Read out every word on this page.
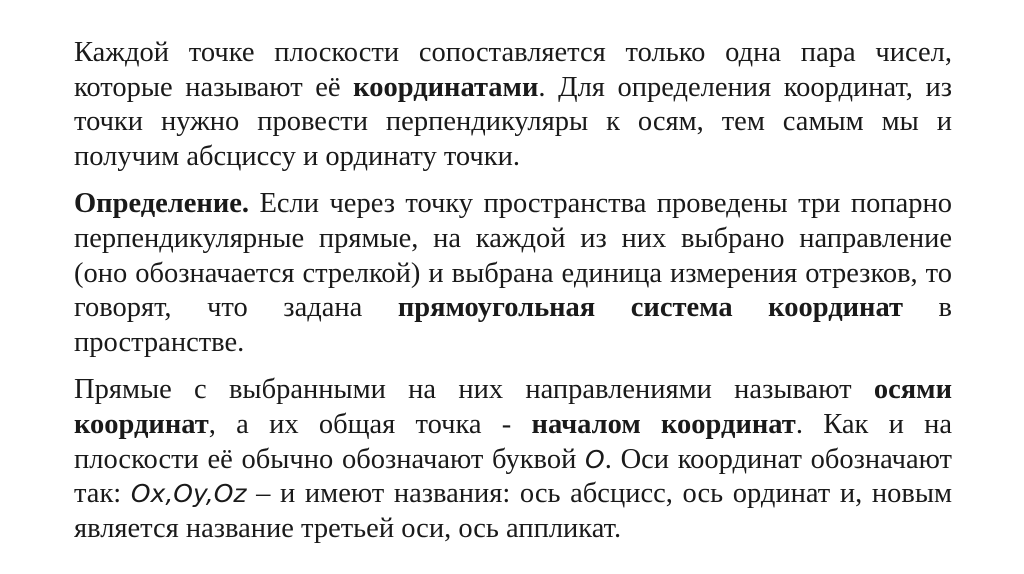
Каждой точке плоскости сопоставляется только одна пара чисел, которые называют её координатами. Для определения координат, из точки нужно провести перпендикуляры к осям, тем самым мы и получим абсциссу и ординату точки.

Определение. Если через точку пространства проведены три попарно перпендикулярные прямые, на каждой из них выбрано направление (оно обозначается стрелкой) и выбрана единица измерения отрезков, то говорят, что задана прямоугольная система координат в пространстве.

Прямые с выбранными на них направлениями называют осями координат, а их общая точка - началом координат. Как и на плоскости её обычно обозначают буквой O. Оси координат обозначают так: Ox,Oy,Oz – и имеют названия: ось абсцисс, ось ординат и, новым является название третьей оси, ось аппликат.
